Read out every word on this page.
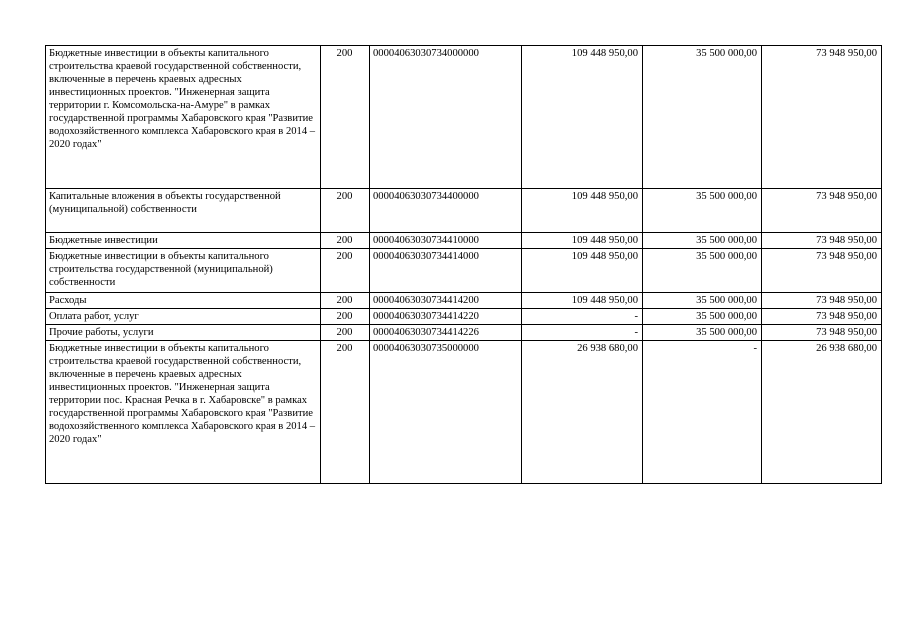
Бюджетные инвестиции в объекты капитального строительства краевой государственной собственности, включенные в перечень краевых адресных инвестиционных проектов. "Инженерная защита территории г. Комсомольска-на-Амуре" в рамках государственной программы Хабаровского края "Развитие водохозяйственного комплекса Хабаровского края в 2014 – 2020 годах"	200	00004063030734000000	109 448 950,00	35 500 000,00	73 948 950,00
Капитальные вложения в объекты государственной (муниципальной) собственности	200	00004063030734400000	109 448 950,00	35 500 000,00	73 948 950,00
Бюджетные инвестиции	200	00004063030734410000	109 448 950,00	35 500 000,00	73 948 950,00
Бюджетные инвестиции в объекты капитального строительства государственной (муниципальной) собственности	200	00004063030734414000	109 448 950,00	35 500 000,00	73 948 950,00
Расходы	200	00004063030734414200	109 448 950,00	35 500 000,00	73 948 950,00
Оплата работ, услуг	200	00004063030734414220	-	35 500 000,00	73 948 950,00
Прочие работы, услуги	200	00004063030734414226	-	35 500 000,00	73 948 950,00
Бюджетные инвестиции в объекты капитального строительства краевой государственной собственности, включенные в перечень краевых адресных инвестиционных проектов. "Инженерная защита территории пос. Красная Речка в г. Хабаровске" в рамках государственной программы Хабаровского края "Развитие водохозяйственного комплекса Хабаровского края в 2014 – 2020 годах"	200	00004063030735000000	26 938 680,00	-	26 938 680,00
